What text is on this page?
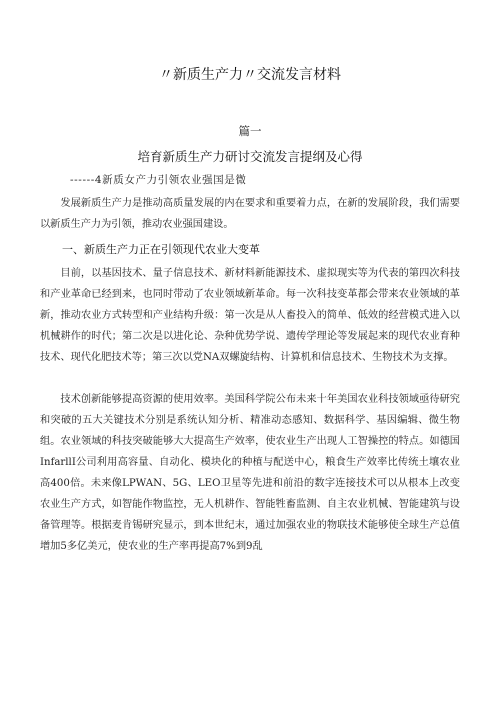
〃新质生产力〃交流发言材料
篇一
培育新质生产力研讨交流发言提纲及心得
------4新质女产力引领农业强国是微

发展新质生产力是推动高质量发展的内在要求和重要着力点，在新的发展阶段，我们需要以新质生产力为引领，推动农业强国建设。

一、新质生产力正在引领现代农业大变革

目前，以基因技术、量子信息技术、新材料新能源技术、虚拟现实等为代表的第四次科技和产业革命已经到来，也同时带动了农业领域新革命。每一次科技变革都会带来农业领域的革新，推动农业方式转型和产业结构升级：第一次是从人畜投入的简单、低效的经营模式进入以机械耕作的时代；第二次是以进化论、杂种优势学说、遗传学理论等发展起来的现代农业育种技术、现代化肥技术等；第三次以党NA双螺旋结构、计算机和信息技术、生物技术为支撑。

技术创新能够提高资源的使用效率。美国科学院公布未来十年美国农业科技领域亟待研究和突破的五大关键技术分别是系统认知分析、精准动态感知、数据科学、基因编辑、微生物组。农业领域的科技突破能够大大提高生产效率，使农业生产出现人工智操控的特点。如德国InfarllI公司利用高容量、自动化、模块化的种植与配送中心，粮食生产效率比传统土壤农业高400倍。未来像LPWAN、5G、LEO卫星等先进和前沿的数字连接技术可以从根本上改变农业生产方式，如智能作物监控，无人机耕作、智能牲畜监测、自主农业机械、智能建筑与设备管理等。根据麦肯锡研究显示，到本世纪末，通过加强农业的物联技术能够使全球生产总值增加5多亿美元，使农业的生产率再提高7%到9乱
